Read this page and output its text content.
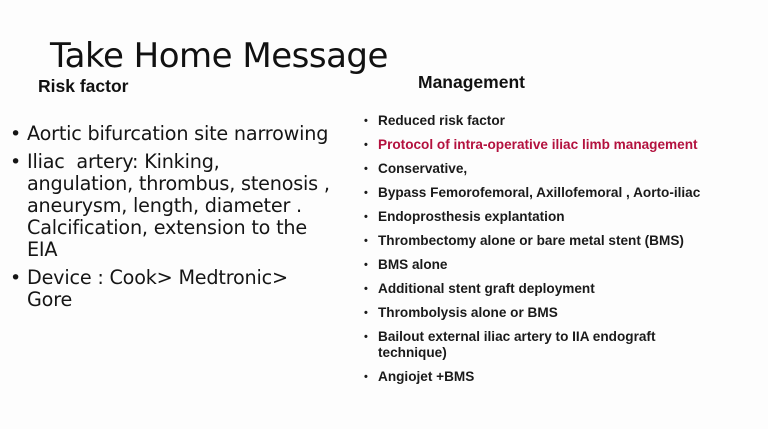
Take Home Message
Risk factor	Management
• Aortic bifurcation site narrowing
• Iliac  artery: Kinking, angulation, thrombus, stenosis , aneurysm, length, diameter . Calcification, extension to the EIA
• Device : Cook> Medtronic> Gore
• Reduced risk factor
• Protocol of intra-operative iliac limb management
• Conservative,
• Bypass Femorofemoral, Axillofemoral , Aorto-iliac
• Endoprosthesis explantation
• Thrombectomy alone or bare metal stent (BMS)
• BMS alone
• Additional stent graft deployment
• Thrombolysis alone or BMS
• Bailout external iliac artery to IIA endograft technique)
• Angiojet +BMS
